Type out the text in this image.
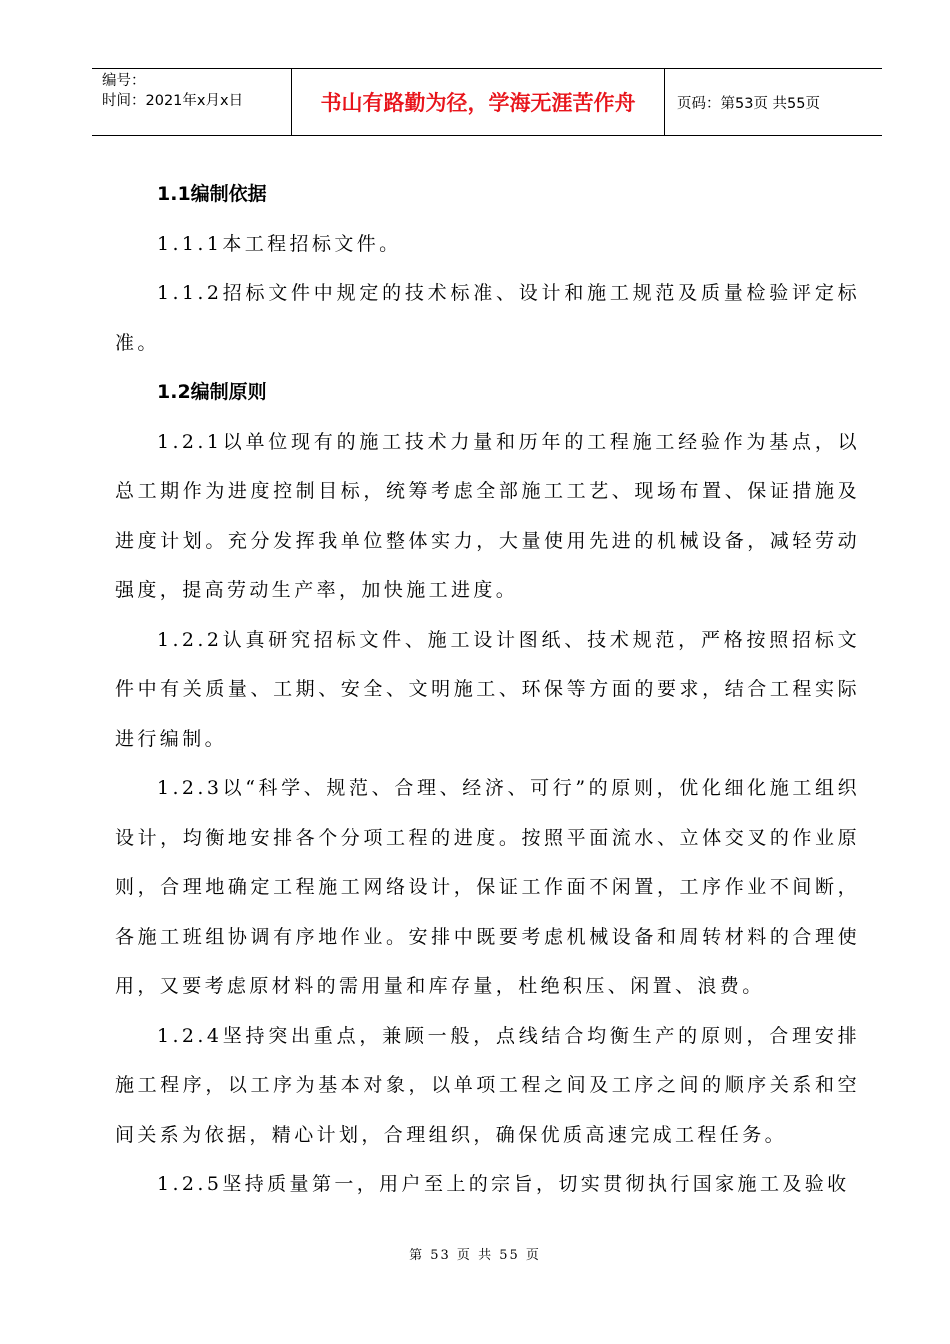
编号：
时间：2021年x月x日	书山有路勤为径，学海无涯苦作舟	页码：第53页 共55页

1.1编制依据

1.1.1本工程招标文件。

1.1.2招标文件中规定的技术标准、设计和施工规范及质量检验评定标准。

1.2编制原则

1.2.1以单位现有的施工技术力量和历年的工程施工经验作为基点，以总工期作为进度控制目标，统筹考虑全部施工工艺、现场布置、保证措施及进度计划。充分发挥我单位整体实力，大量使用先进的机械设备，减轻劳动强度，提高劳动生产率，加快施工进度。

1.2.2认真研究招标文件、施工设计图纸、技术规范，严格按照招标文件中有关质量、工期、安全、文明施工、环保等方面的要求，结合工程实际进行编制。

1.2.3以“科学、规范、合理、经济、可行”的原则，优化细化施工组织设计，均衡地安排各个分项工程的进度。按照平面流水、立体交叉的作业原则，合理地确定工程施工网络设计，保证工作面不闲置，工序作业不间断，各施工班组协调有序地作业。安排中既要考虑机械设备和周转材料的合理使用，又要考虑原材料的需用量和库存量，杜绝积压、闲置、浪费。

1.2.4坚持突出重点，兼顾一般，点线结合均衡生产的原则，合理安排施工程序，以工序为基本对象，以单项工程之间及工序之间的顺序关系和空间关系为依据，精心计划，合理组织，确保优质高速完成工程任务。

1.2.5坚持质量第一，用户至上的宗旨，切实贯彻执行国家施工及验收

第 53 页 共 55 页
